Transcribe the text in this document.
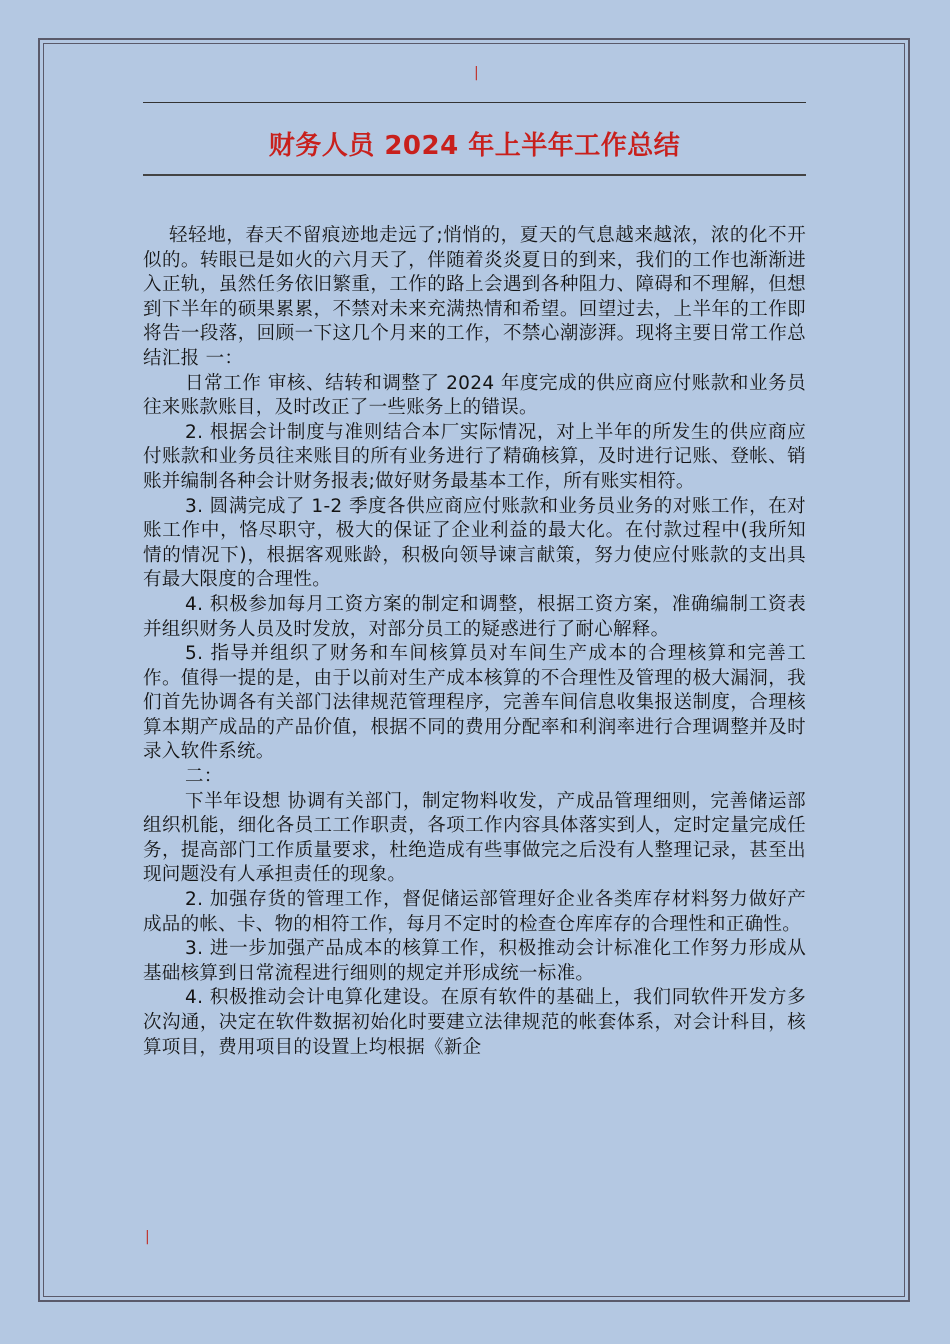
|
财务人员 2024 年上半年工作总结

轻轻地，春天不留痕迹地走远了;悄悄的，夏天的气息越来越浓，浓的化不开似的。转眼已是如火的六月天了，伴随着炎炎夏日的到来，我们的工作也渐渐进入正轨，虽然任务依旧繁重，工作的路上会遇到各种阻力、障碍和不理解，但想到下半年的硕果累累，不禁对未来充满热情和希望。回望过去，上半年的工作即将告一段落，回顾一下这几个月来的工作，不禁心潮澎湃。现将主要日常工作总结汇报 一：

日常工作 审核、结转和调整了 2024 年度完成的供应商应付账款和业务员往来账款账目，及时改正了一些账务上的错误。

2. 根据会计制度与准则结合本厂实际情况，对上半年的所发生的供应商应付账款和业务员往来账目的所有业务进行了精确核算，及时进行记账、登帐、销账并编制各种会计财务报表;做好财务最基本工作，所有账实相符。

3. 圆满完成了 1-2 季度各供应商应付账款和业务员业务的对账工作，在对账工作中，恪尽职守，极大的保证了企业利益的最大化。在付款过程中(我所知情的情况下)，根据客观账龄，积极向领导谏言献策，努力使应付账款的支出具有最大限度的合理性。

4. 积极参加每月工资方案的制定和调整，根据工资方案，准确编制工资表并组织财务人员及时发放，对部分员工的疑惑进行了耐心解释。

5. 指导并组织了财务和车间核算员对车间生产成本的合理核算和完善工作。值得一提的是，由于以前对生产成本核算的不合理性及管理的极大漏洞，我们首先协调各有关部门法律规范管理程序，完善车间信息收集报送制度，合理核算本期产成品的产品价值，根据不同的费用分配率和利润率进行合理调整并及时录入软件系统。

二：

下半年设想 协调有关部门，制定物料收发，产成品管理细则，完善储运部组织机能，细化各员工工作职责，各项工作内容具体落实到人，定时定量完成任务，提高部门工作质量要求，杜绝造成有些事做完之后没有人整理记录，甚至出现问题没有人承担责任的现象。

2. 加强存货的管理工作，督促储运部管理好企业各类库存材料努力做好产成品的帐、卡、物的相符工作，每月不定时的检查仓库库存的合理性和正确性。

3. 进一步加强产品成本的核算工作，积极推动会计标准化工作努力形成从基础核算到日常流程进行细则的规定并形成统一标准。

4. 积极推动会计电算化建设。在原有软件的基础上，我们同软件开发方多次沟通，决定在软件数据初始化时要建立法律规范的帐套体系，对会计科目，核算项目，费用项目的设置上均根据《新企

|
